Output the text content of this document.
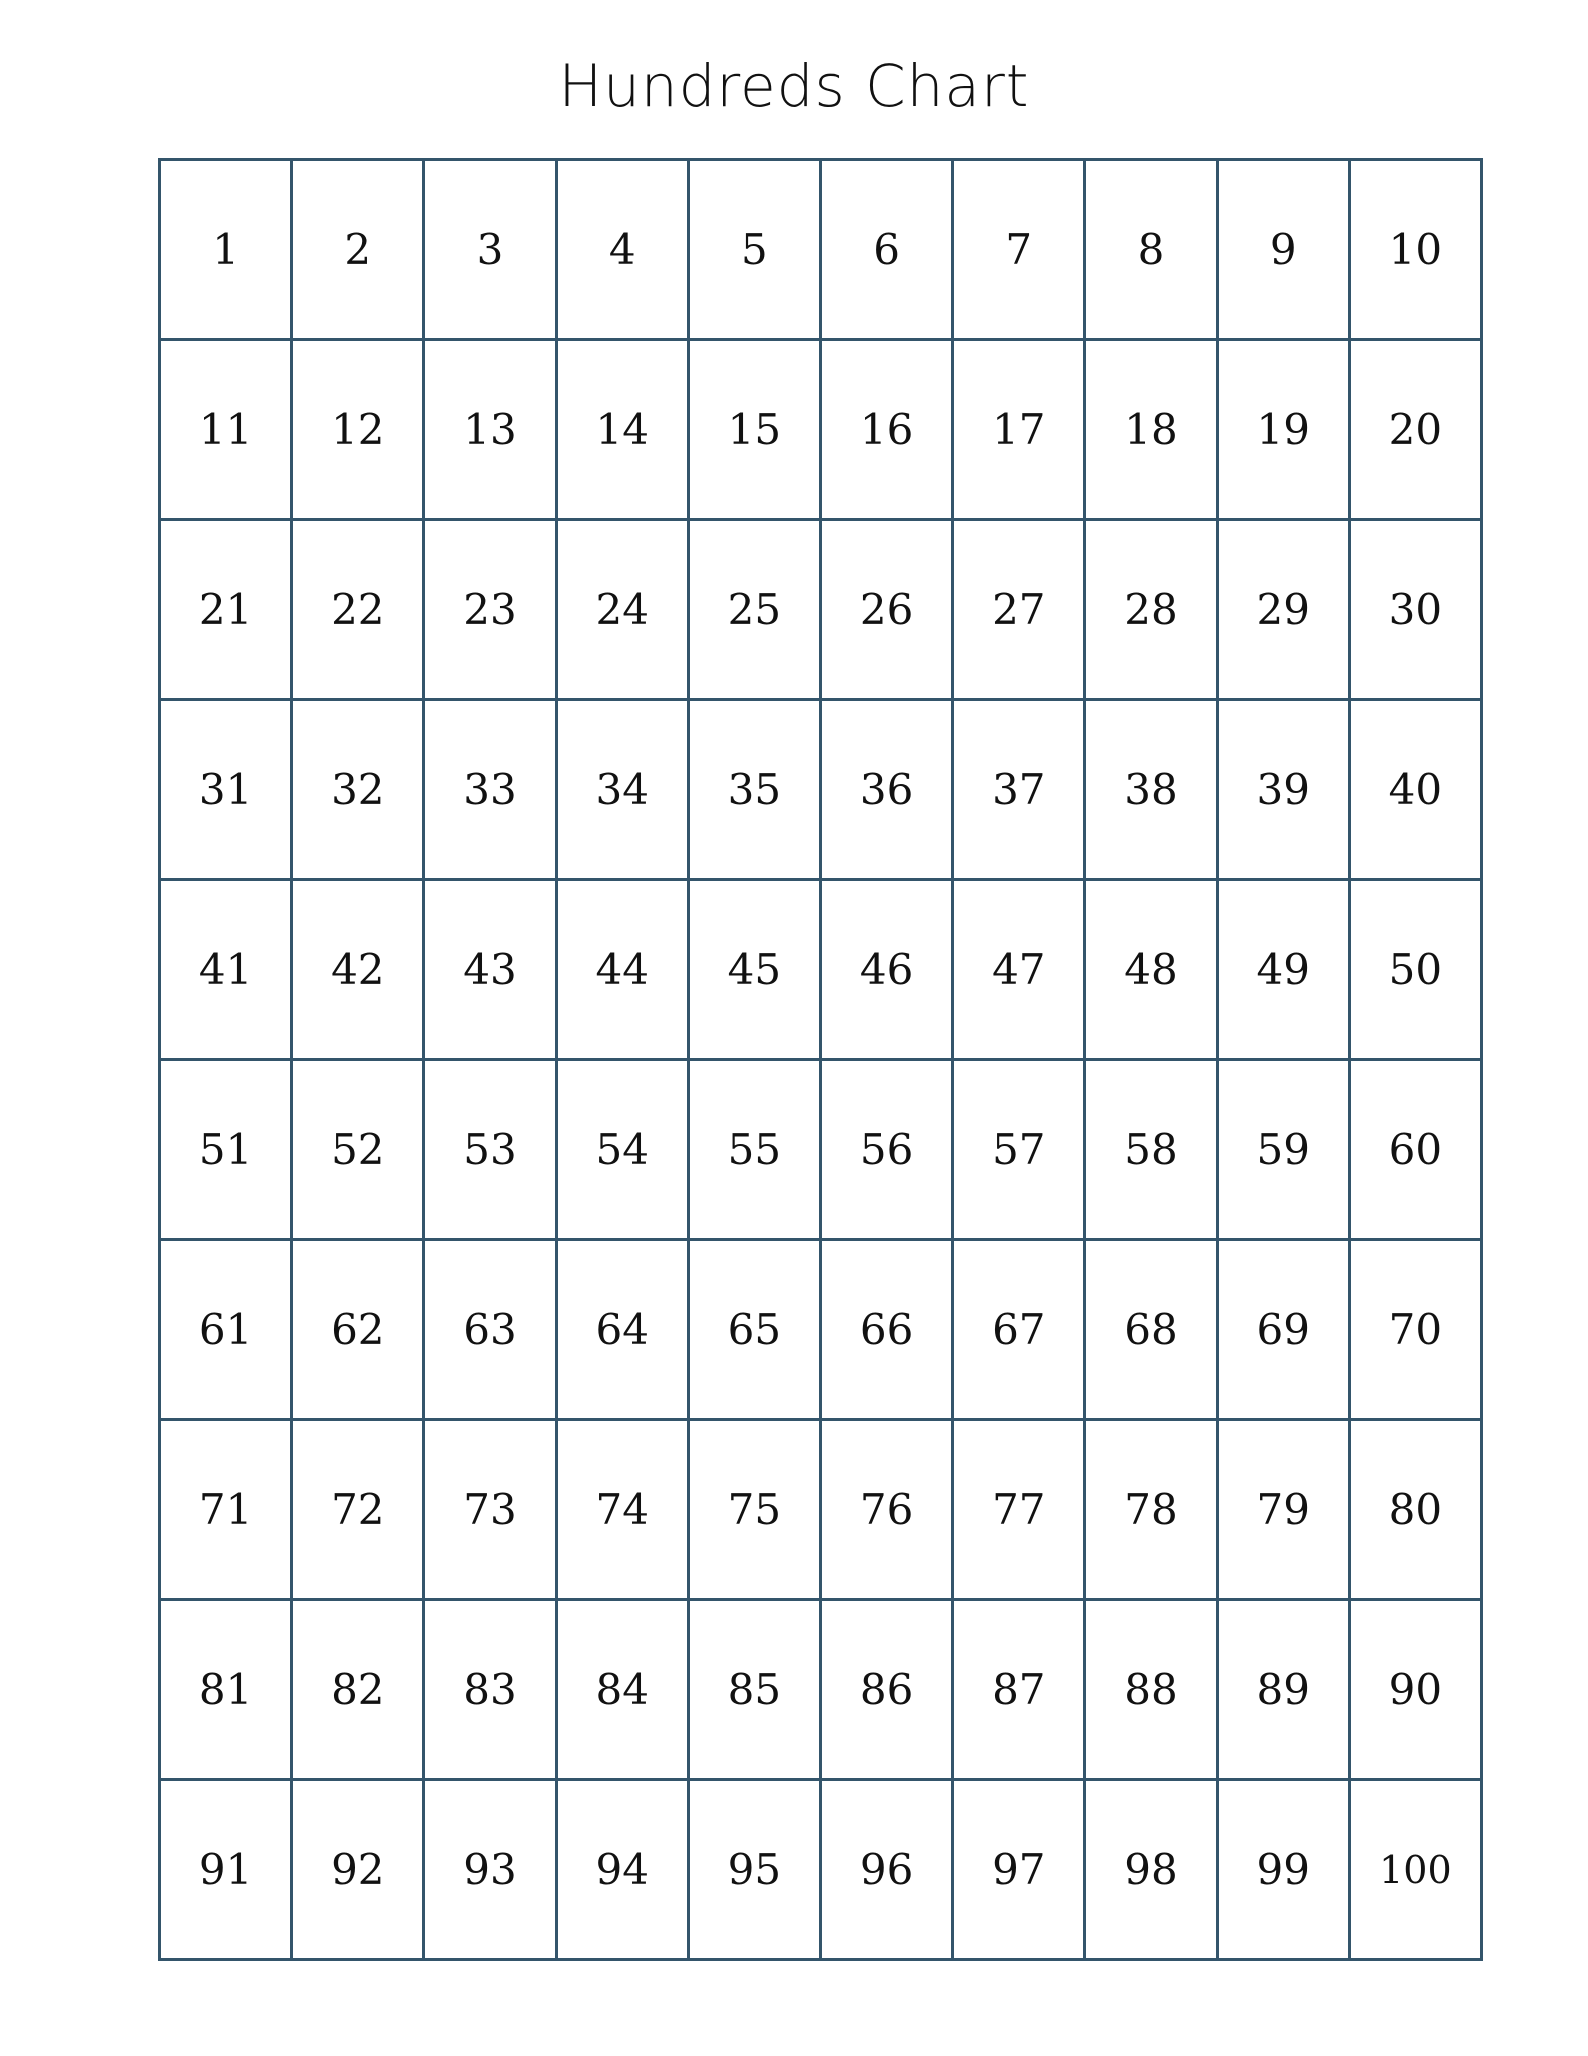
Hundreds Chart
1	2	3	4	5	6	7	8	9	10
11	12	13	14	15	16	17	18	19	20
21	22	23	24	25	26	27	28	29	30
31	32	33	34	35	36	37	38	39	40
41	42	43	44	45	46	47	48	49	50
51	52	53	54	55	56	57	58	59	60
61	62	63	64	65	66	67	68	69	70
71	72	73	74	75	76	77	78	79	80
81	82	83	84	85	86	87	88	89	90
91	92	93	94	95	96	97	98	99	100
